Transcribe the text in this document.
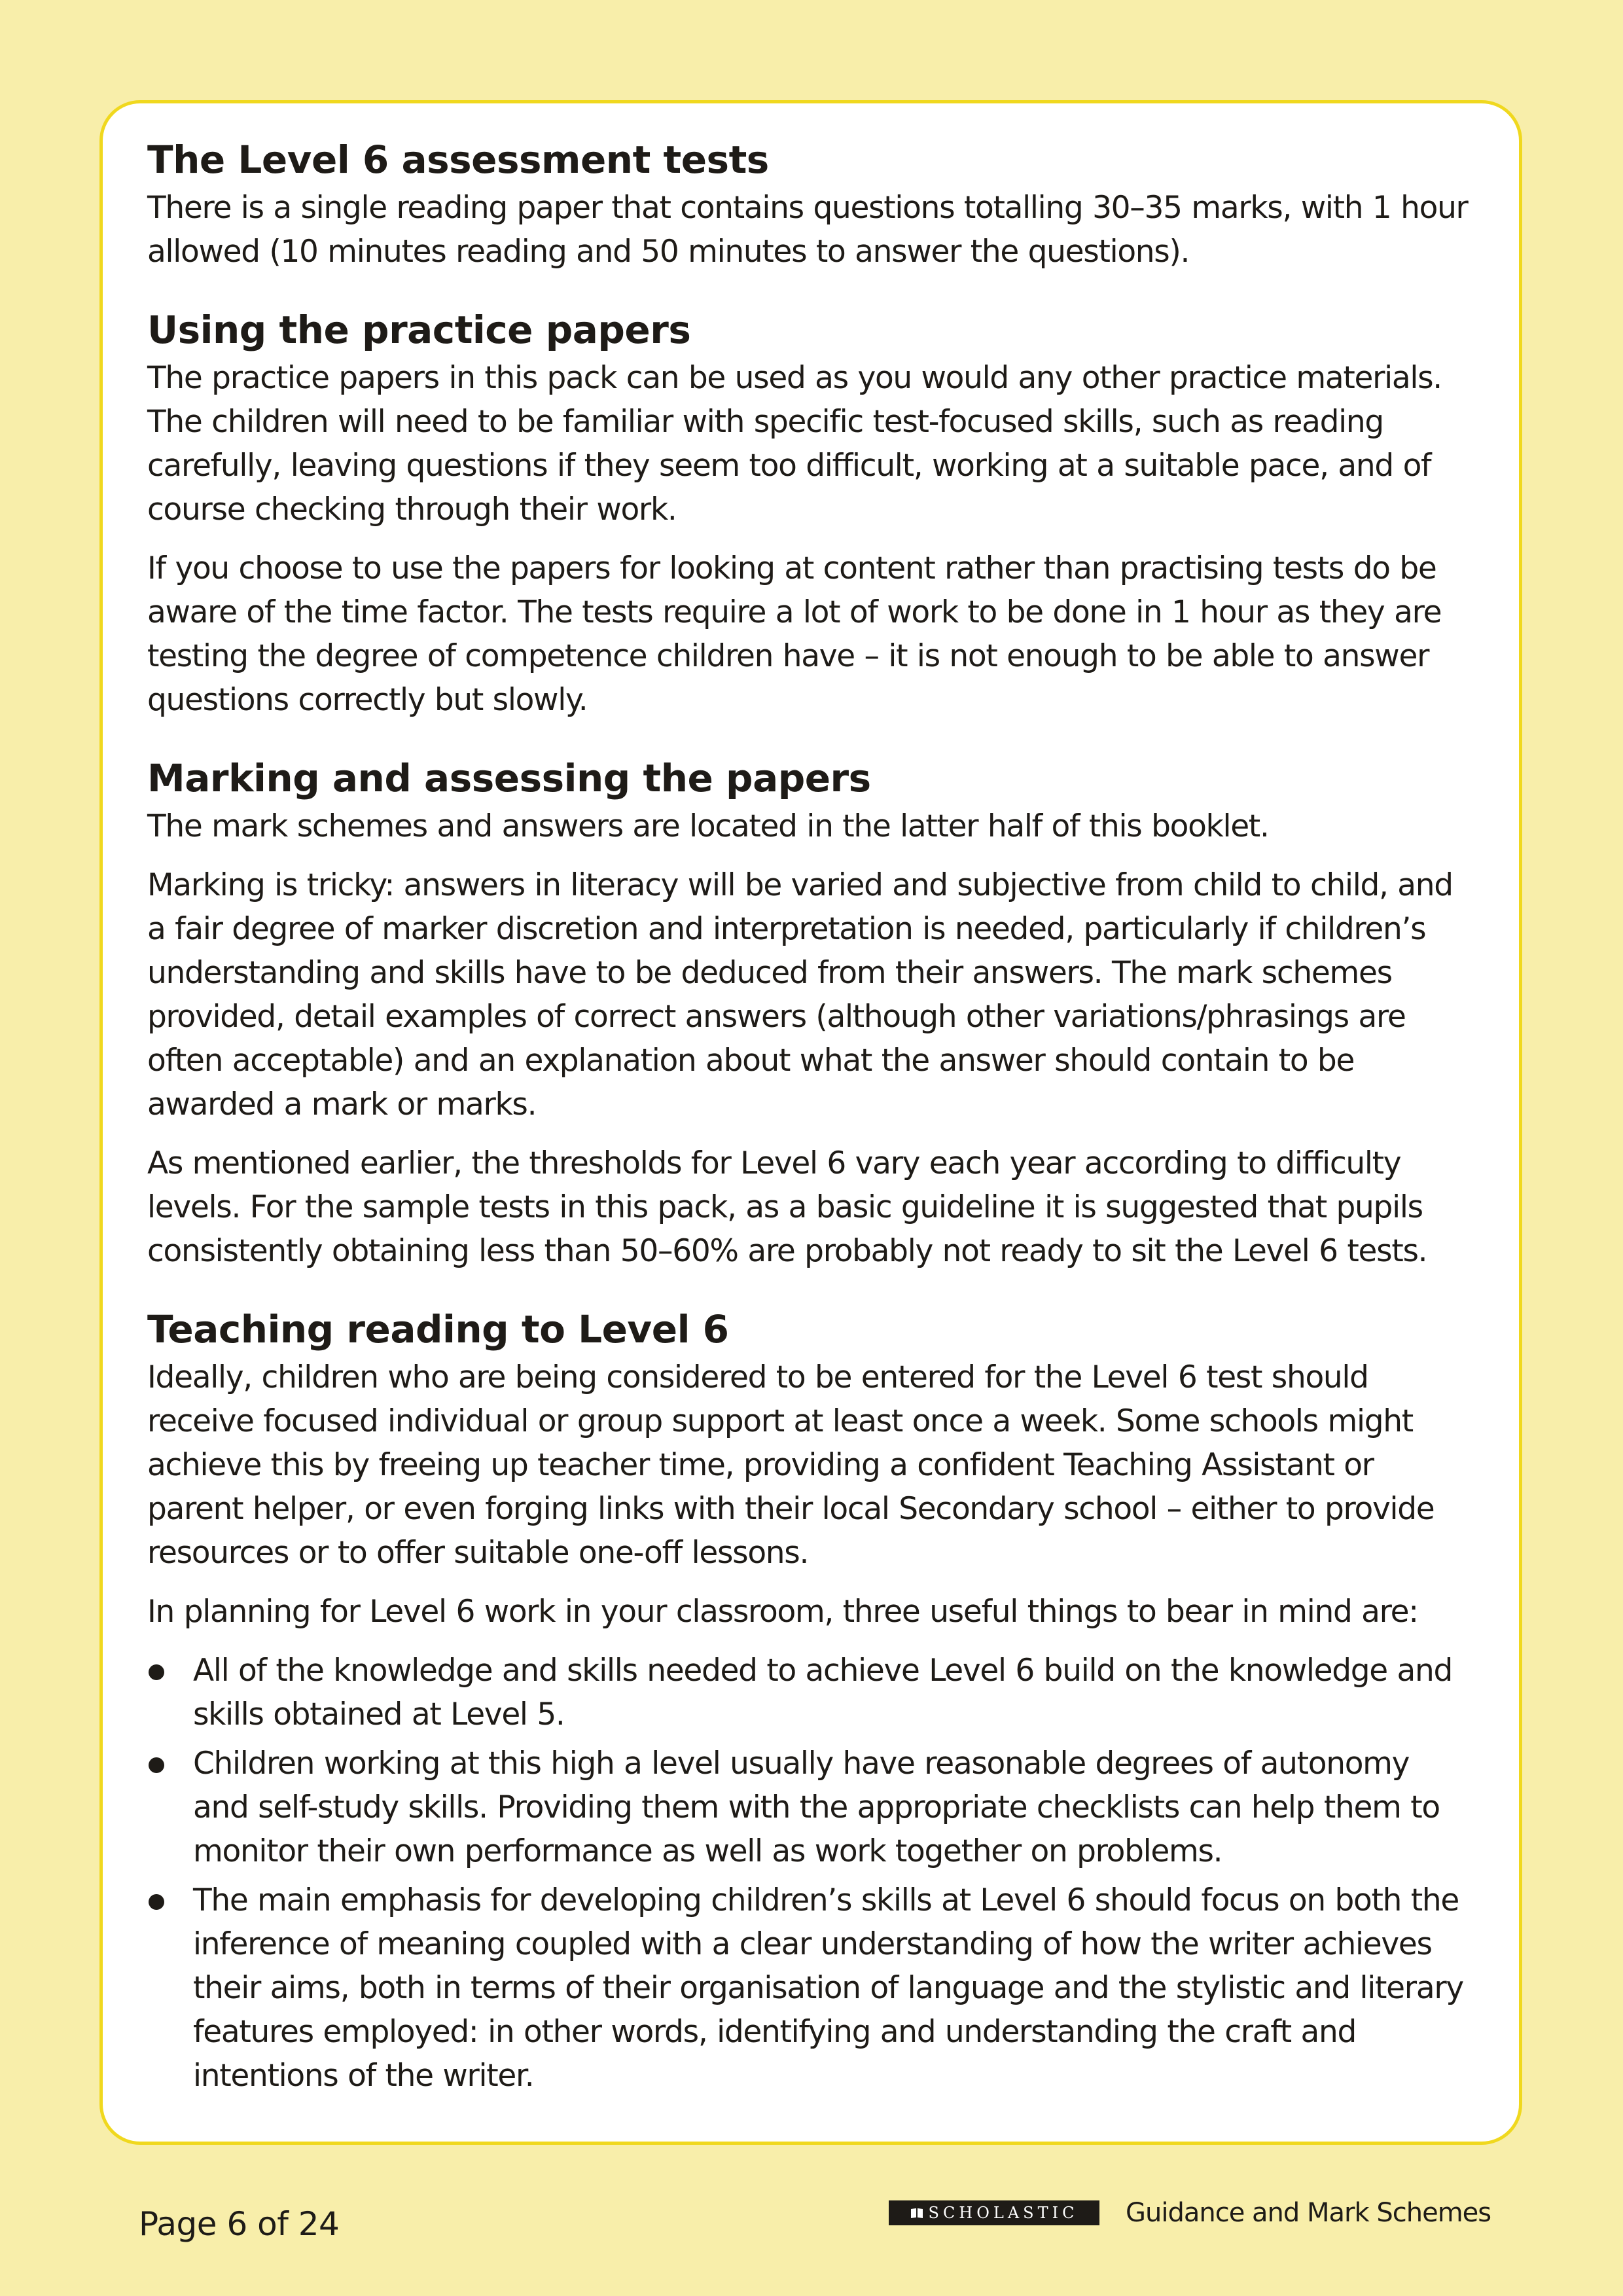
The Level 6 assessment tests

There is a single reading paper that contains questions totalling 30–35 marks, with 1 hour allowed (10 minutes reading and 50 minutes to answer the questions).

Using the practice papers

The practice papers in this pack can be used as you would any other practice materials. The children will need to be familiar with specific test-focused skills, such as reading carefully, leaving questions if they seem too difficult, working at a suitable pace, and of course checking through their work.

If you choose to use the papers for looking at content rather than practising tests do be aware of the time factor. The tests require a lot of work to be done in 1 hour as they are testing the degree of competence children have – it is not enough to be able to answer questions correctly but slowly.

Marking and assessing the papers

The mark schemes and answers are located in the latter half of this booklet.

Marking is tricky: answers in literacy will be varied and subjective from child to child, and a fair degree of marker discretion and interpretation is needed, particularly if children’s understanding and skills have to be deduced from their answers. The mark schemes provided, detail examples of correct answers (although other variations/phrasings are often acceptable) and an explanation about what the answer should contain to be awarded a mark or marks.

As mentioned earlier, the thresholds for Level 6 vary each year according to difficulty levels. For the sample tests in this pack, as a basic guideline it is suggested that pupils consistently obtaining less than 50–60% are probably not ready to sit the Level 6 tests.

Teaching reading to Level 6

Ideally, children who are being considered to be entered for the Level 6 test should receive focused individual or group support at least once a week. Some schools might achieve this by freeing up teacher time, providing a confident Teaching Assistant or parent helper, or even forging links with their local Secondary school – either to provide resources or to offer suitable one-off lessons.

In planning for Level 6 work in your classroom, three useful things to bear in mind are:

All of the knowledge and skills needed to achieve Level 6 build on the knowledge and skills obtained at Level 5.
Children working at this high a level usually have reasonable degrees of autonomy and self-study skills. Providing them with the appropriate checklists can help them to monitor their own performance as well as work together on problems.
The main emphasis for developing children’s skills at Level 6 should focus on both the inference of meaning coupled with a clear understanding of how the writer achieves their aims, both in terms of their organisation of language and the stylistic and literary features employed: in other words, identifying and understanding the craft and intentions of the writer.
Page 6 of 24	SCHOLASTIC Guidance and Mark Schemes
